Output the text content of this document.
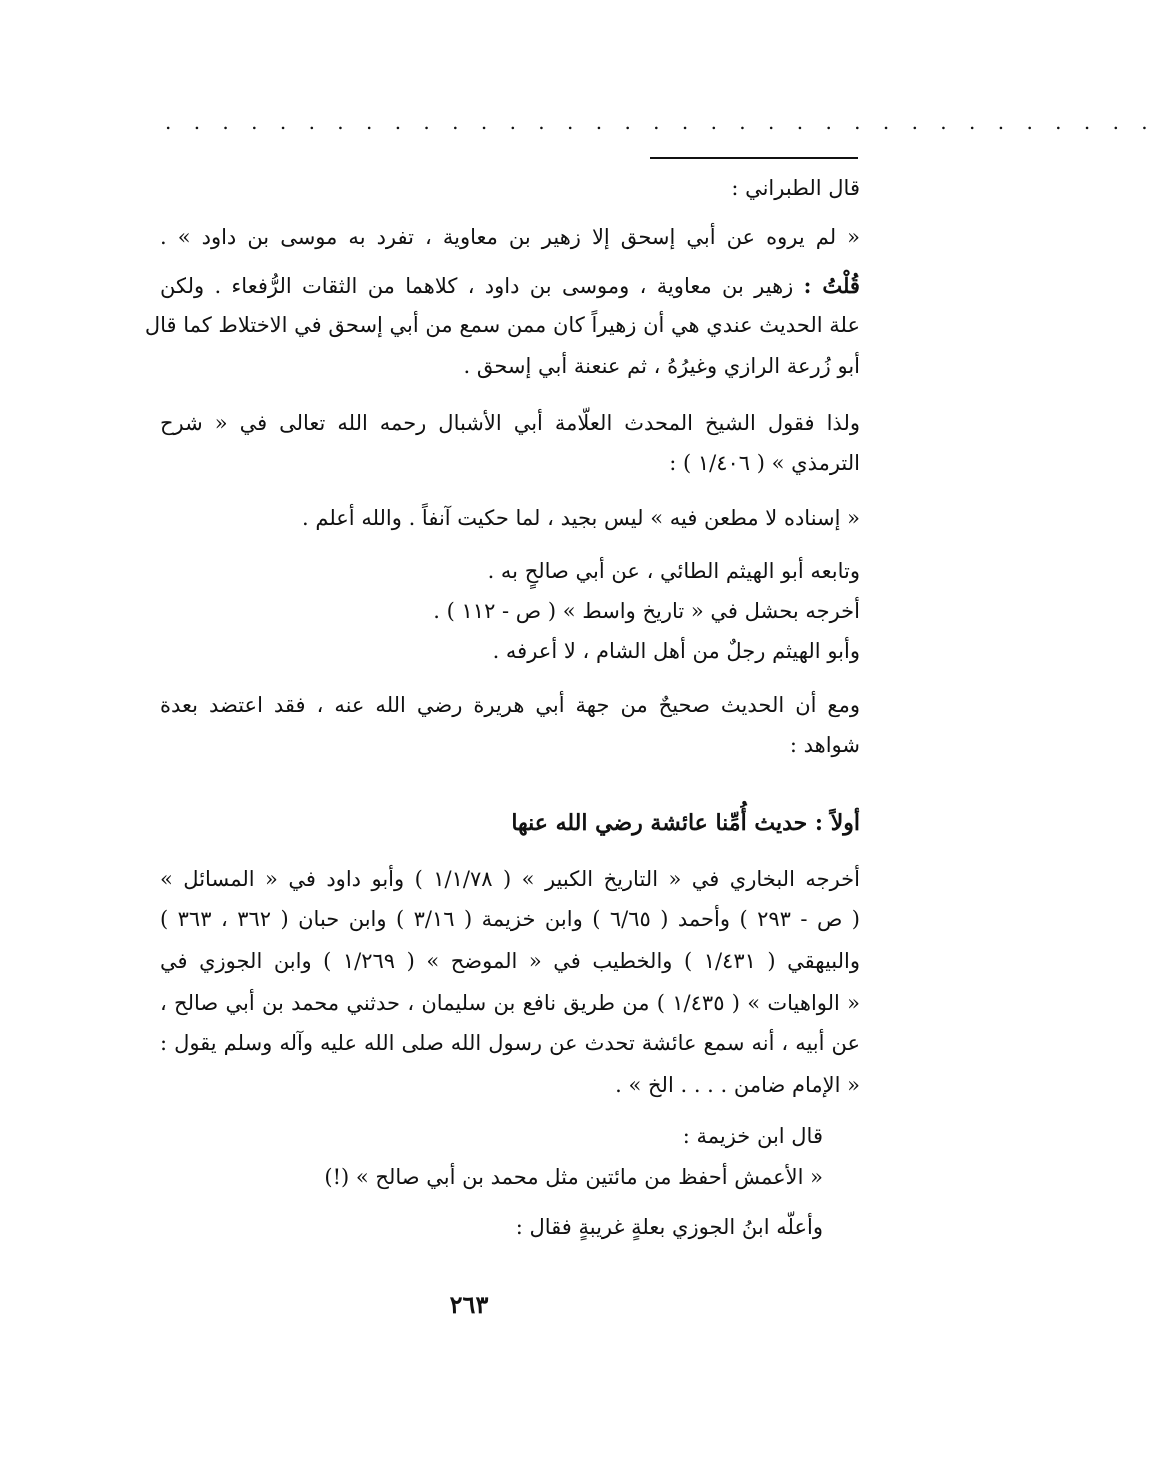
. . . . . . . . . . . . . . . . . . . . . . . . . . . . . . . . . . .
قال الطبراني :
« لم يروه عن أبي إسحق إلا زهير بن معاوية ، تفرد به موسى بن داود » .
قُلْتُ : زهير بن معاوية ، وموسى بن داود ، كلاهما من الثقات الرُّفعاء . ولكن
علة الحديث عندي هي أن زهيراً كان ممن سمع من أبي إسحق في الاختلاط كما قال
أبو زُرعة الرازي وغيرُهُ ، ثم عنعنة أبي إسحق .
ولذا فقول الشيخ المحدث العلّامة أبي الأشبال رحمه الله تعالى في « شرح
الترمذي » ( ١/٤٠٦ ) :
« إسناده لا مطعن فيه » ليس بجيد ، لما حكيت آنفاً . والله أعلم .
وتابعه أبو الهيثم الطائي ، عن أبي صالحٍ به .
أخرجه بحشل في « تاريخ واسط » ( ص - ١١٢ ) .
وأبو الهيثم رجلٌ من أهل الشام ، لا أعرفه .
ومع أن الحديث صحيحٌ من جهة أبي هريرة رضي الله عنه ، فقد اعتضد بعدة
شواهد :
أولاً : حديث أُمِّنا عائشة رضي الله عنها
أخرجه البخاري في « التاريخ الكبير » ( ١/١/٧٨ ) وأبو داود في « المسائل »
( ص - ٢٩٣ ) وأحمد ( ٦/٦٥ ) وابن خزيمة ( ٣/١٦ ) وابن حبان ( ٣٦٢ ، ٣٦٣ )
والبيهقي ( ١/٤٣١ ) والخطيب في « الموضح » ( ١/٢٦٩ ) وابن الجوزي في
« الواهيات » ( ١/٤٣٥ ) من طريق نافع بن سليمان ، حدثني محمد بن أبي صالح ،
عن أبيه ، أنه سمع عائشة تحدث عن رسول الله صلى الله عليه وآله وسلم يقول :
« الإمام ضامن . . . . الخ » .
قال ابن خزيمة :
« الأعمش أحفظ من مائتين مثل محمد بن أبي صالح » (!)
وأعلّه ابنُ الجوزي بعلةٍ غريبةٍ فقال :
٢٦٣
